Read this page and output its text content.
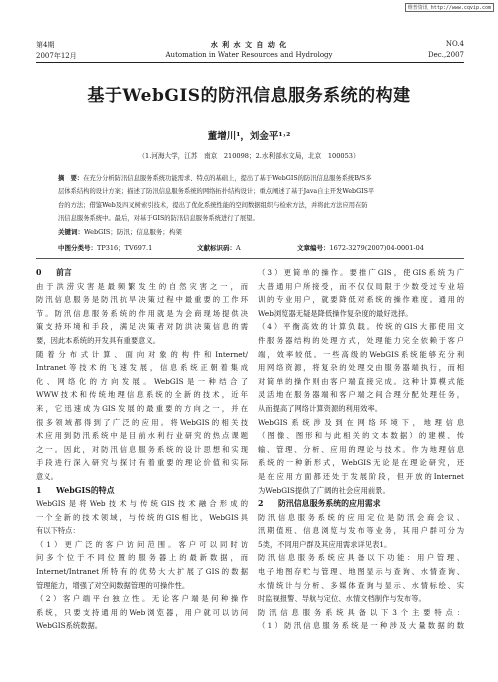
维普资讯 http://www.cqvip.com
第4期
2007年12月
水 利 水 文 自 动 化
Automation in Water Resources and Hydrology
NO.4
Dec.,2007
基于WebGIS的防汛信息服务系统的构建
董增川¹，刘金平¹˒²
（1.河海大学，江苏　南京　210098；2.水利部水文局，北京　100053）
摘　要：在充分分析防汛信息服务系统功能需求、特点的基础上，提出了基于WebGIS的防汛信息服务系统B/S多
层体系结构的设计方案；描述了防汛信息服务系统的网络拓扑结构设计；重点阐述了基于Java自主开发WebGIS平
台的方法；借鉴Web及四叉树索引技术，提出了优化系统性能的空间数据组织与检索方法，并将此方法应用在防
汛信息服务系统中。最后，对基于GIS的防汛信息服务系统进行了展望。
关键词：WebGIS；防汛；信息服务；构架
中图分类号：TP316；TV697.1	文献标识码：A	文章编号：1672-3279(2007)04-0001-04
0 前言
由于洪涝灾害是最频繁发生的自然灾害之一，而
防汛信息服务是防汛抗旱决策过程中最重要的工作环
节。防汛信息服务系统的作用就是为会商现场提供决
策支持环境和手段，满足决策者对防洪决策信息的需
要，因此本系统的开发具有重要意义。
随着分布式计算、面向对象的构件和Internet/
Intranet等技术的飞速发展，信息系统正朝着集成
化、网络化的方向发展。WebGIS是一种结合了
WWW技术和传统地理信息系统的全新的技术，近年
来，它迅速成为GIS发展的最重要的方向之一，并在
很多领域都得到了广泛的应用。将WebGIS的相关技
术应用到防汛系统中是目前水利行业研究的热点课题
之一。因此，对防汛信息服务系统的设计思想和实现
手段进行深入研究与探讨有着重要的理论价值和实际
意义。
1 WebGIS的特点
WebGIS是将Web技术与传统GIS技术融合形成的
一个全新的技术领域，与传统的GIS相比，WebGIS具
有以下特点：
（1）更广泛的客户访问范围。客户可以同时访
问多个位于不同位置的服务器上的最新数据，而
Internet/Intranet所特有的优势大大扩展了GIS的数据
管理能力，增强了对空间数据管理的可操作性。
（2）客户端平台独立性。无论客户端是何种操作
系统，只要支持通用的Web浏览器，用户就可以访问
WebGIS系统数据。
（3）更简单的操作。要推广GIS，使GIS系统为广
大普通用户所接受，而不仅仅局限于少数受过专业培
训的专业用户，就要降低对系统的操作难度。通用的
Web浏览器无疑是降低操作复杂度的最好选择。
（4）平衡高效的计算负载。传统的GIS大都使用文
件服务器结构的处理方式，处理能力完全依赖于客户
端，效率较低。一些高级的WebGIS系统能够充分利
用网络资源，将复杂的处理交由服务器端执行，而相
对简单的操作则由客户端直接完成。这种计算模式能
灵活地在服务器端和客户端之间合理分配处理任务，
从而提高了网络计算资源的利用效率。
WebGIS系统涉及到在网络环境下，地理信息
（图像、图形和与此相关的文本数据）的建模、传
输、管理、分析、应用的理论与技术。作为地理信息
系统的一种新形式，WebGIS无论是在理论研究，还
是在应用方面都还处于发展阶段，但开放的Internet
为WebGIS提供了广阔的社会应用前景。
2 防汛信息服务系统的应用需求
防汛信息服务系统的应用定位是防汛会商会议、
汛期值班、信息浏览与发布等业务，其用户群可分为
5类，不同用户群及其应用需求详见表1。
防汛信息服务系统应具备以下功能：用户管理、
电子地图存贮与管理、地图显示与查询、水情查询、
水情统计与分析、多媒体查询与显示、水情标绘、实
时监视报警、导航与定位、水情文档制作与发布等。
防汛信息服务系统具备以下3个主要特点：
（1）防汛信息服务系统是一种涉及大量数据的数
